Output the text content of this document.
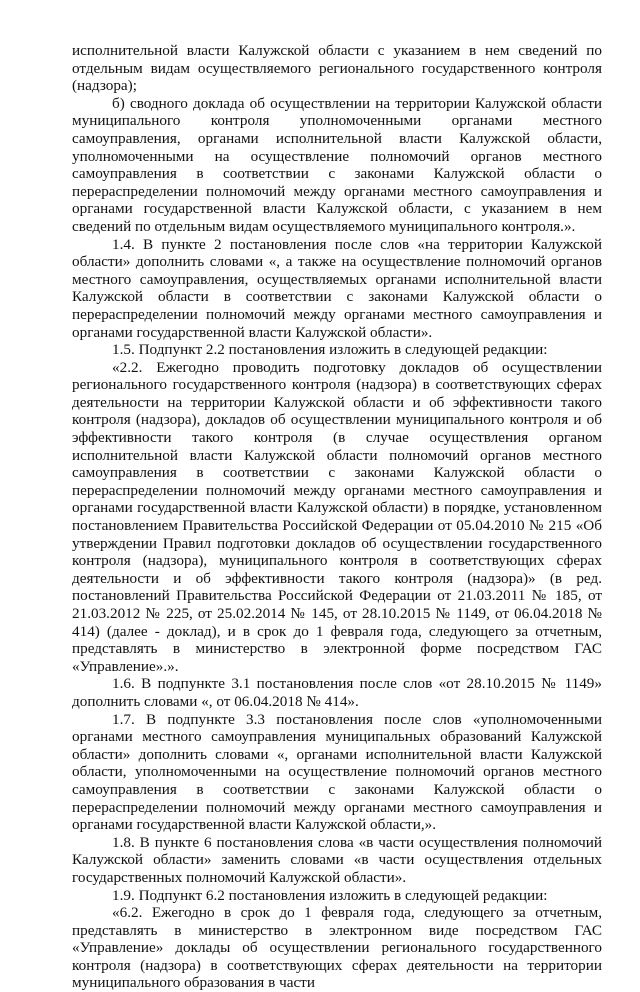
исполнительной власти Калужской области с указанием в нем сведений по отдельным видам осуществляемого регионального государственного контроля (надзора);

б) сводного доклада об осуществлении на территории Калужской области муниципального контроля уполномоченными органами местного самоуправления, органами исполнительной власти Калужской области, уполномоченными на осуществление полномочий органов местного самоуправления в соответствии с законами Калужской области о перераспределении полномочий между органами местного самоуправления и органами государственной власти Калужской области, с указанием в нем сведений по отдельным видам осуществляемого муниципального контроля.».

1.4. В пункте 2 постановления после слов «на территории Калужской области» дополнить словами «, а также на осуществление полномочий органов местного самоуправления, осуществляемых органами исполнительной власти Калужской области в соответствии с законами Калужской области о перераспределении полномочий между органами местного самоуправления и органами государственной власти Калужской области».

1.5. Подпункт 2.2 постановления изложить в следующей редакции:

«2.2. Ежегодно проводить подготовку докладов об осуществлении регионального государственного контроля (надзора) в соответствующих сферах деятельности на территории Калужской области и об эффективности такого контроля (надзора), докладов об осуществлении муниципального контроля и об эффективности такого контроля (в случае осуществления органом исполнительной власти Калужской области полномочий органов местного самоуправления в соответствии с законами Калужской области о перераспределении полномочий между органами местного самоуправления и органами государственной власти Калужской области) в порядке, установленном постановлением Правительства Российской Федерации от 05.04.2010 № 215 «Об утверждении Правил подготовки докладов об осуществлении государственного контроля (надзора), муниципального контроля в соответствующих сферах деятельности и об эффективности такого контроля (надзора)» (в ред. постановлений Правительства Российской Федерации от 21.03.2011 № 185, от 21.03.2012 № 225, от 25.02.2014 № 145, от 28.10.2015 № 1149, от 06.04.2018 № 414) (далее - доклад), и в срок до 1 февраля года, следующего за отчетным, представлять в министерство в электронной форме посредством ГАС «Управление».».

1.6. В подпункте 3.1 постановления после слов «от 28.10.2015 № 1149» дополнить словами «, от 06.04.2018 № 414».

1.7. В подпункте 3.3 постановления после слов «уполномоченными органами местного самоуправления муниципальных образований Калужской области» дополнить словами «, органами исполнительной власти Калужской области, уполномоченными на осуществление полномочий органов местного самоуправления в соответствии с законами Калужской области о перераспределении полномочий между органами местного самоуправления и органами государственной власти Калужской области,».

1.8. В пункте 6 постановления слова «в части осуществления полномочий Калужской области» заменить словами «в части осуществления отдельных государственных полномочий Калужской области».

1.9. Подпункт 6.2 постановления изложить в следующей редакции:

«6.2. Ежегодно в срок до 1 февраля года, следующего за отчетным, представлять в министерство в электронном виде посредством ГАС «Управление» доклады об осуществлении регионального государственного контроля (надзора) в соответствующих сферах деятельности на территории муниципального образования в части
